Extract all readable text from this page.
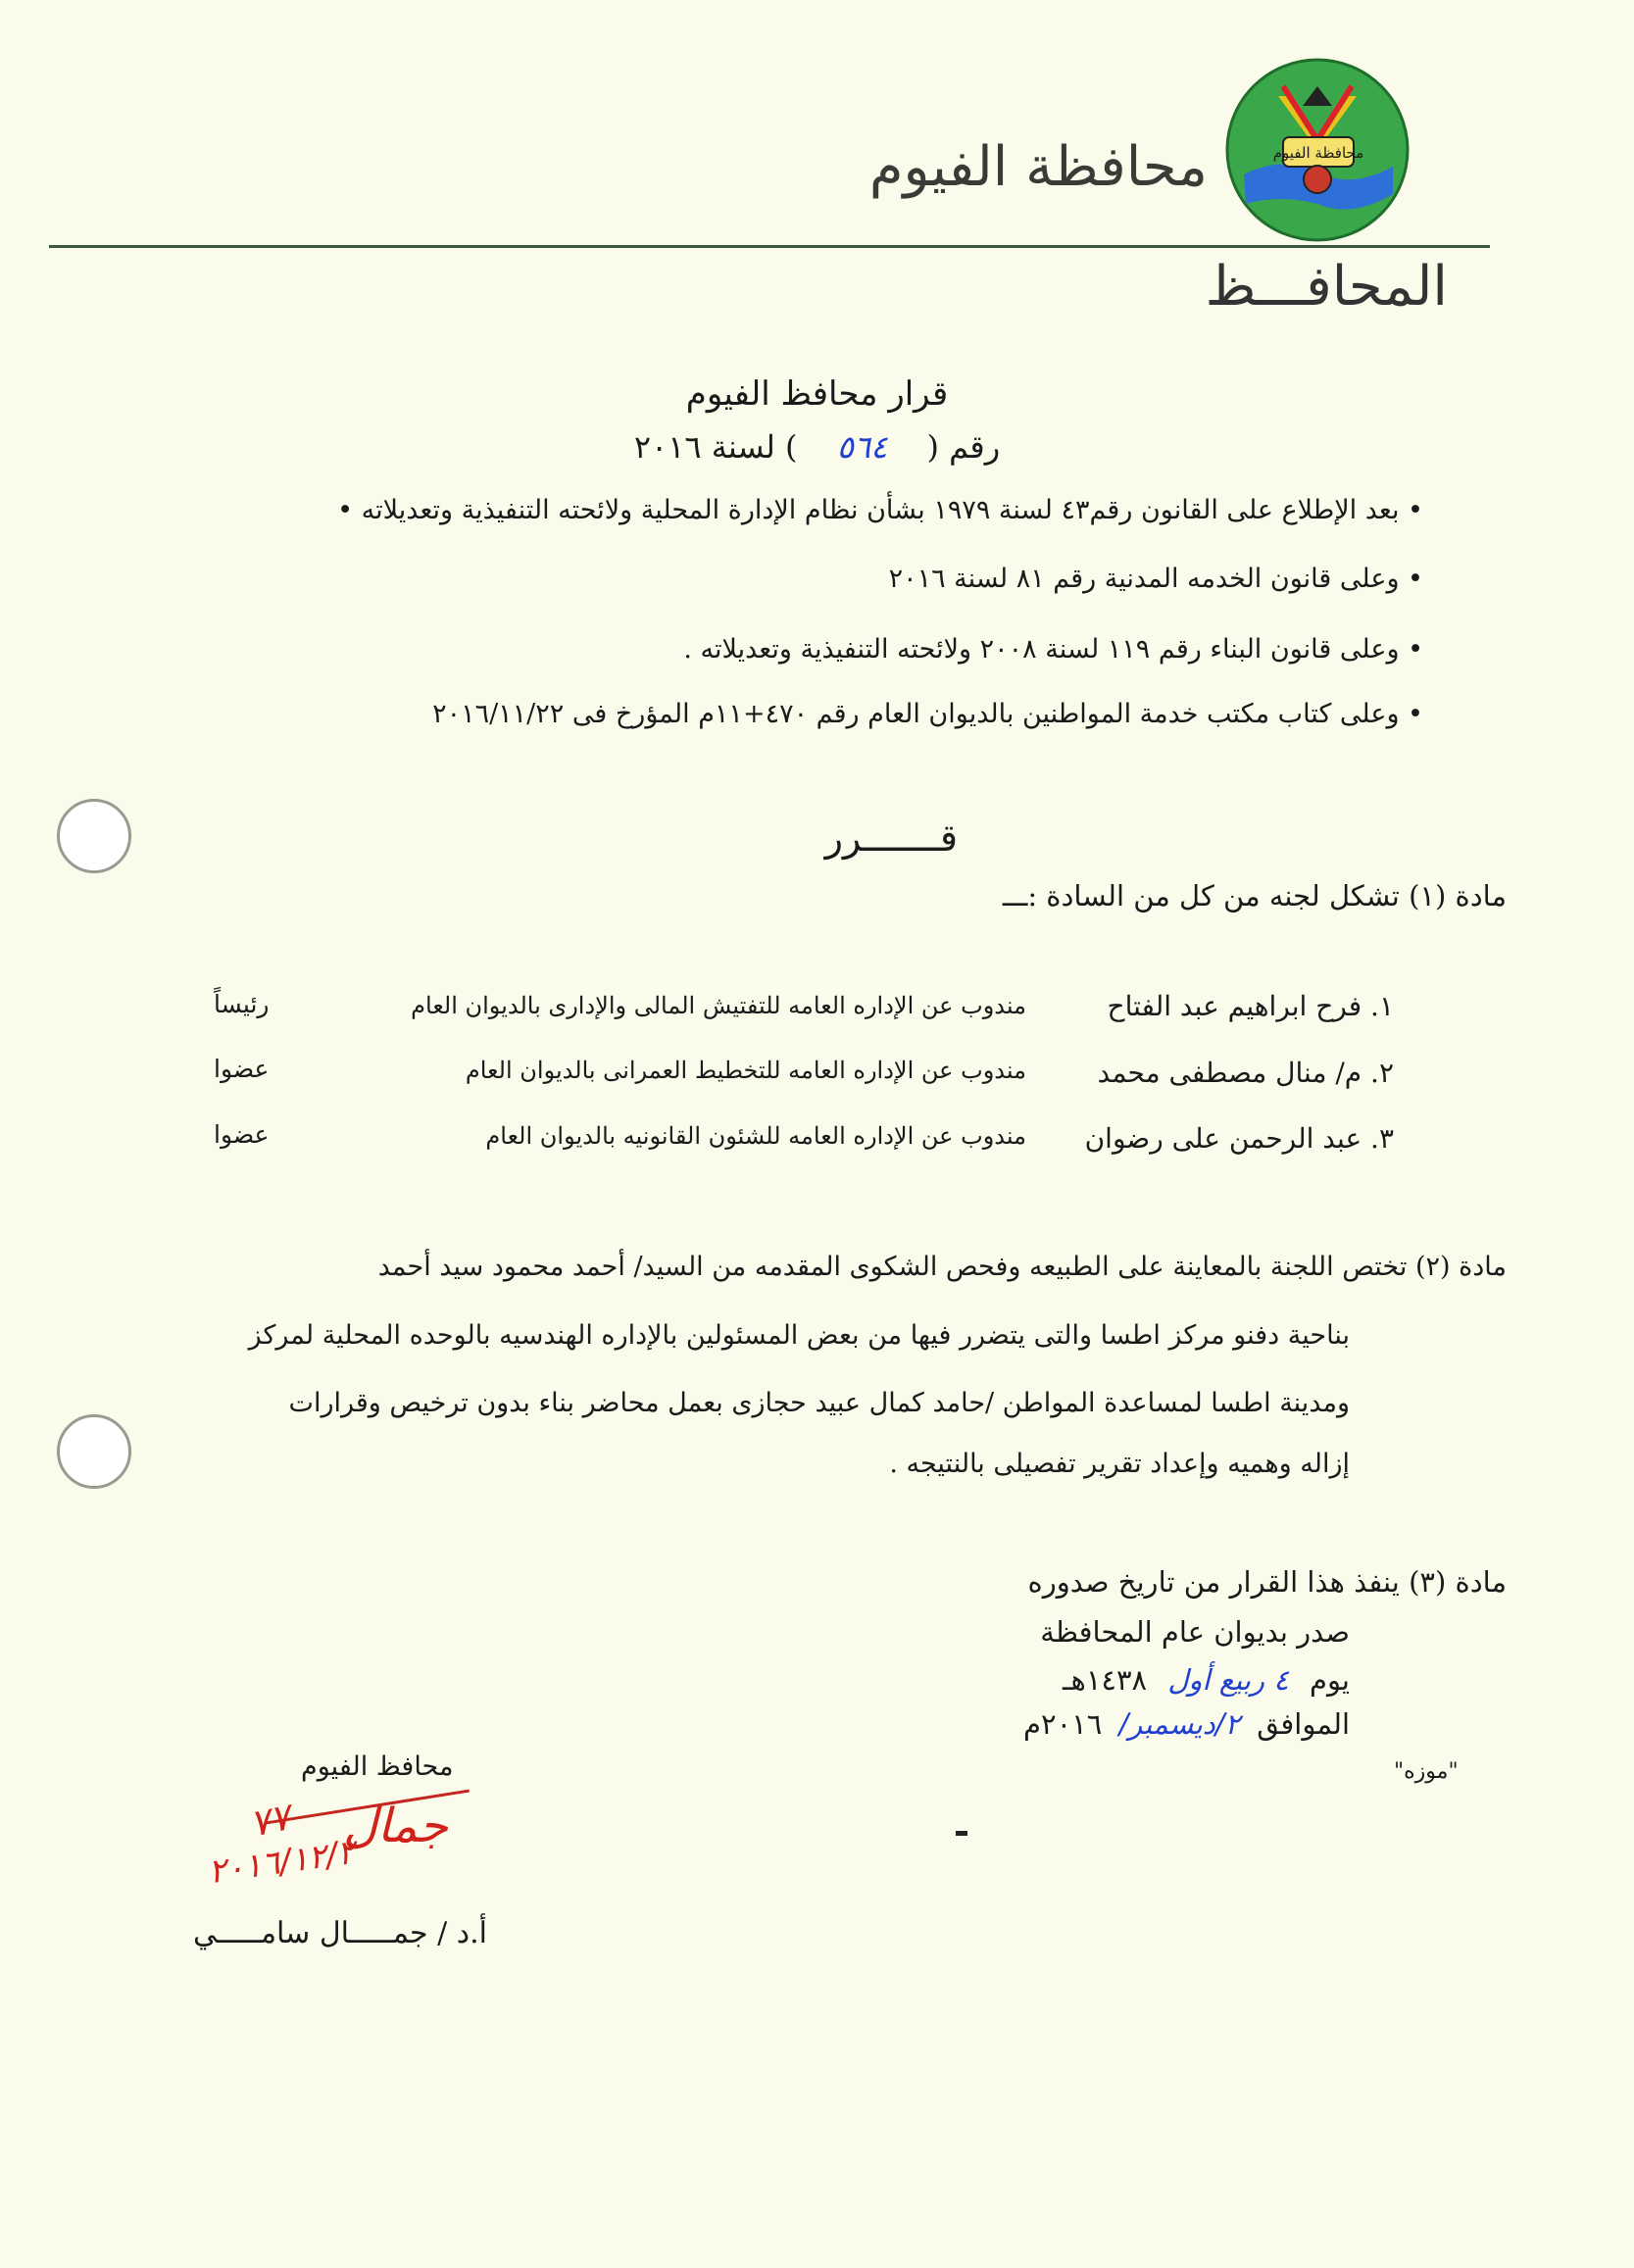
محافظة الفيوم
محافظة الفيوم
المحافـــظ
قرار محافظ الفيوم
رقم ( ٥٦٤ ) لسنة ٢٠١٦
• بعد الإطلاع على القانون رقم٤٣ لسنة ١٩٧٩ بشأن نظام الإدارة المحلية ولائحته التنفيذية وتعديلاته •
• وعلى قانون الخدمه المدنية رقم ٨١ لسنة ٢٠١٦
• وعلى قانون البناء رقم ١١٩ لسنة ٢٠٠٨ ولائحته التنفيذية وتعديلاته .
• وعلى كتاب مكتب خدمة المواطنين بالديوان العام رقم ٤٧٠+١١م المؤرخ فى ٢٠١٦/١١/٢٢
قـــــــرر
مادة (١) تشكل لجنه من كل من السادة :ـــ
١. فرح ابراهيم عبد الفتاح
مندوب عن الإداره العامه للتفتيش المالى والإدارى بالديوان العام
رئيساً
٢. م/ منال مصطفى محمد
مندوب عن الإداره العامه للتخطيط العمرانى بالديوان العام
عضوا
٣. عبد الرحمن على رضوان
مندوب عن الإداره العامه للشئون القانونيه بالديوان العام
عضوا
مادة (٢) تختص اللجنة بالمعاينة على الطبيعه وفحص الشكوى المقدمه من السيد/ أحمد محمود سيد أحمد
بناحية دفنو مركز اطسا والتى يتضرر فيها من بعض المسئولين بالإداره الهندسيه بالوحده المحلية لمركز
ومدينة اطسا لمساعدة المواطن /حامد كمال عبيد حجازى بعمل محاضر بناء بدون ترخيص وقرارات
إزاله وهميه وإعداد تقرير تفصيلى بالنتيجه .
مادة (٣) ينفذ هذا القرار من تاريخ صدوره
صدر بديوان عام المحافظة
يوم ٤ ربيع أول ١٤٣٨هـ
الموافق ٢/ديسمبر/ ٢٠١٦م
"موزه"
محافظ الفيوم
جمال
٧٧
٢٠١٦/١٢/٢
أ.د / جمـــــال سامـــــي
